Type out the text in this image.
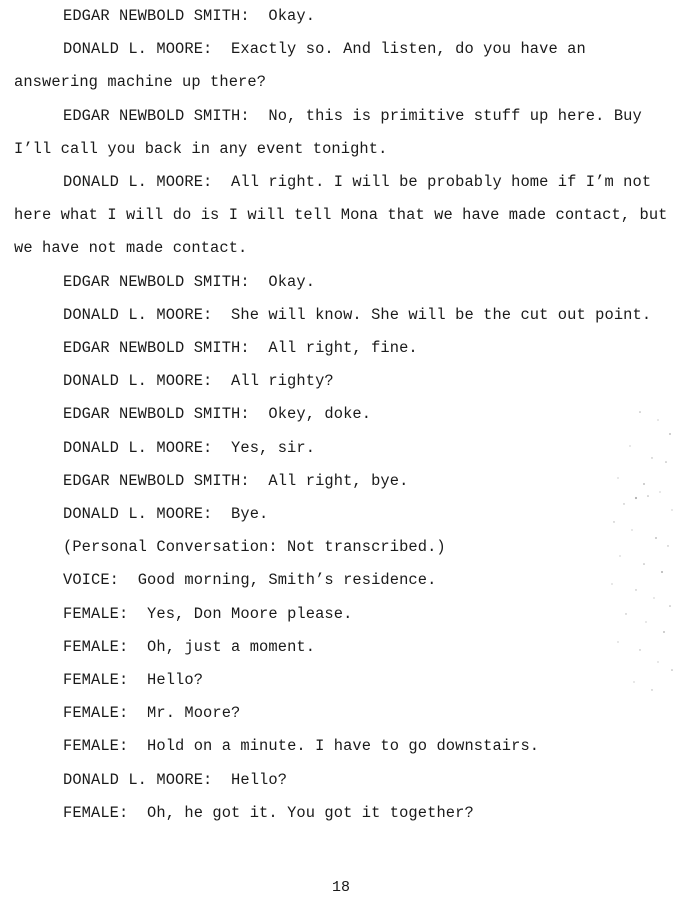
EDGAR NEWBOLD SMITH: Okay.

DONALD L. MOORE: Exactly so. And listen, do you have an answering machine up there?

EDGAR NEWBOLD SMITH: No, this is primitive stuff up here. Buy I’ll call you back in any event tonight.

DONALD L. MOORE: All right. I will be probably home if I’m not here what I will do is I will tell Mona that we have made contact, but we have not made contact.

EDGAR NEWBOLD SMITH: Okay.

DONALD L. MOORE: She will know. She will be the cut out point.

EDGAR NEWBOLD SMITH: All right, fine.

DONALD L. MOORE: All righty?

EDGAR NEWBOLD SMITH: Okey, doke.

DONALD L. MOORE: Yes, sir.

EDGAR NEWBOLD SMITH: All right, bye.

DONALD L. MOORE: Bye.

(Personal Conversation: Not transcribed.)

VOICE: Good morning, Smith’s residence.

FEMALE: Yes, Don Moore please.

FEMALE: Oh, just a moment.

FEMALE: Hello?

FEMALE: Mr. Moore?

FEMALE: Hold on a minute. I have to go downstairs.

DONALD L. MOORE: Hello?

FEMALE: Oh, he got it. You got it together?

18
